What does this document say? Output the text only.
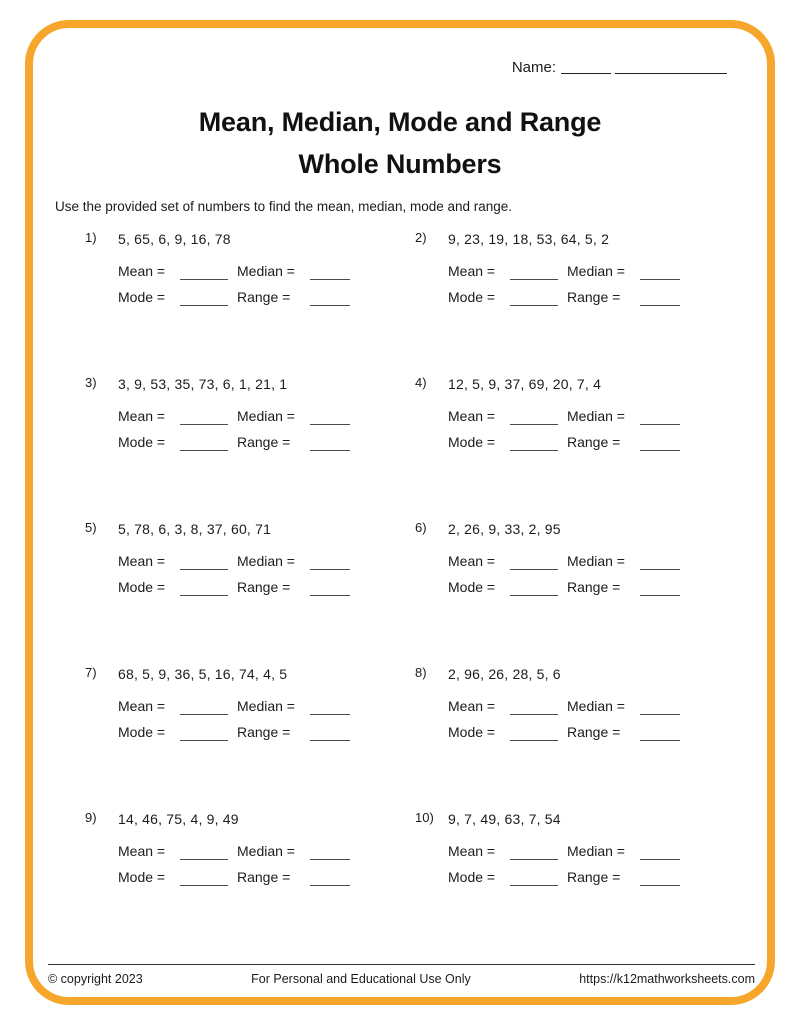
Name:
Mean, Median, Mode and Range
Whole Numbers

Use the provided set of numbers to find the mean, median, mode and range.

1)	5, 65, 6, 9, 16, 78
Mean =	Median =
Mode =	Range =
2)	9, 23, 19, 18, 53, 64, 5, 2
Mean =	Median =
Mode =	Range =
3)	3, 9, 53, 35, 73, 6, 1, 21, 1
Mean =	Median =
Mode =	Range =
4)	12, 5, 9, 37, 69, 20, 7, 4
Mean =	Median =
Mode =	Range =
5)	5, 78, 6, 3, 8, 37, 60, 71
Mean =	Median =
Mode =	Range =
6)	2, 26, 9, 33, 2, 95
Mean =	Median =
Mode =	Range =
7)	68, 5, 9, 36, 5, 16, 74, 4, 5
Mean =	Median =
Mode =	Range =
8)	2, 96, 26, 28, 5, 6
Mean =	Median =
Mode =	Range =
9)	14, 46, 75, 4, 9, 49
Mean =	Median =
Mode =	Range =
10)	9, 7, 49, 63, 7, 54
Mean =	Median =
Mode =	Range =
© copyright 2023	For Personal and Educational Use Only	https://k12mathworksheets.com
